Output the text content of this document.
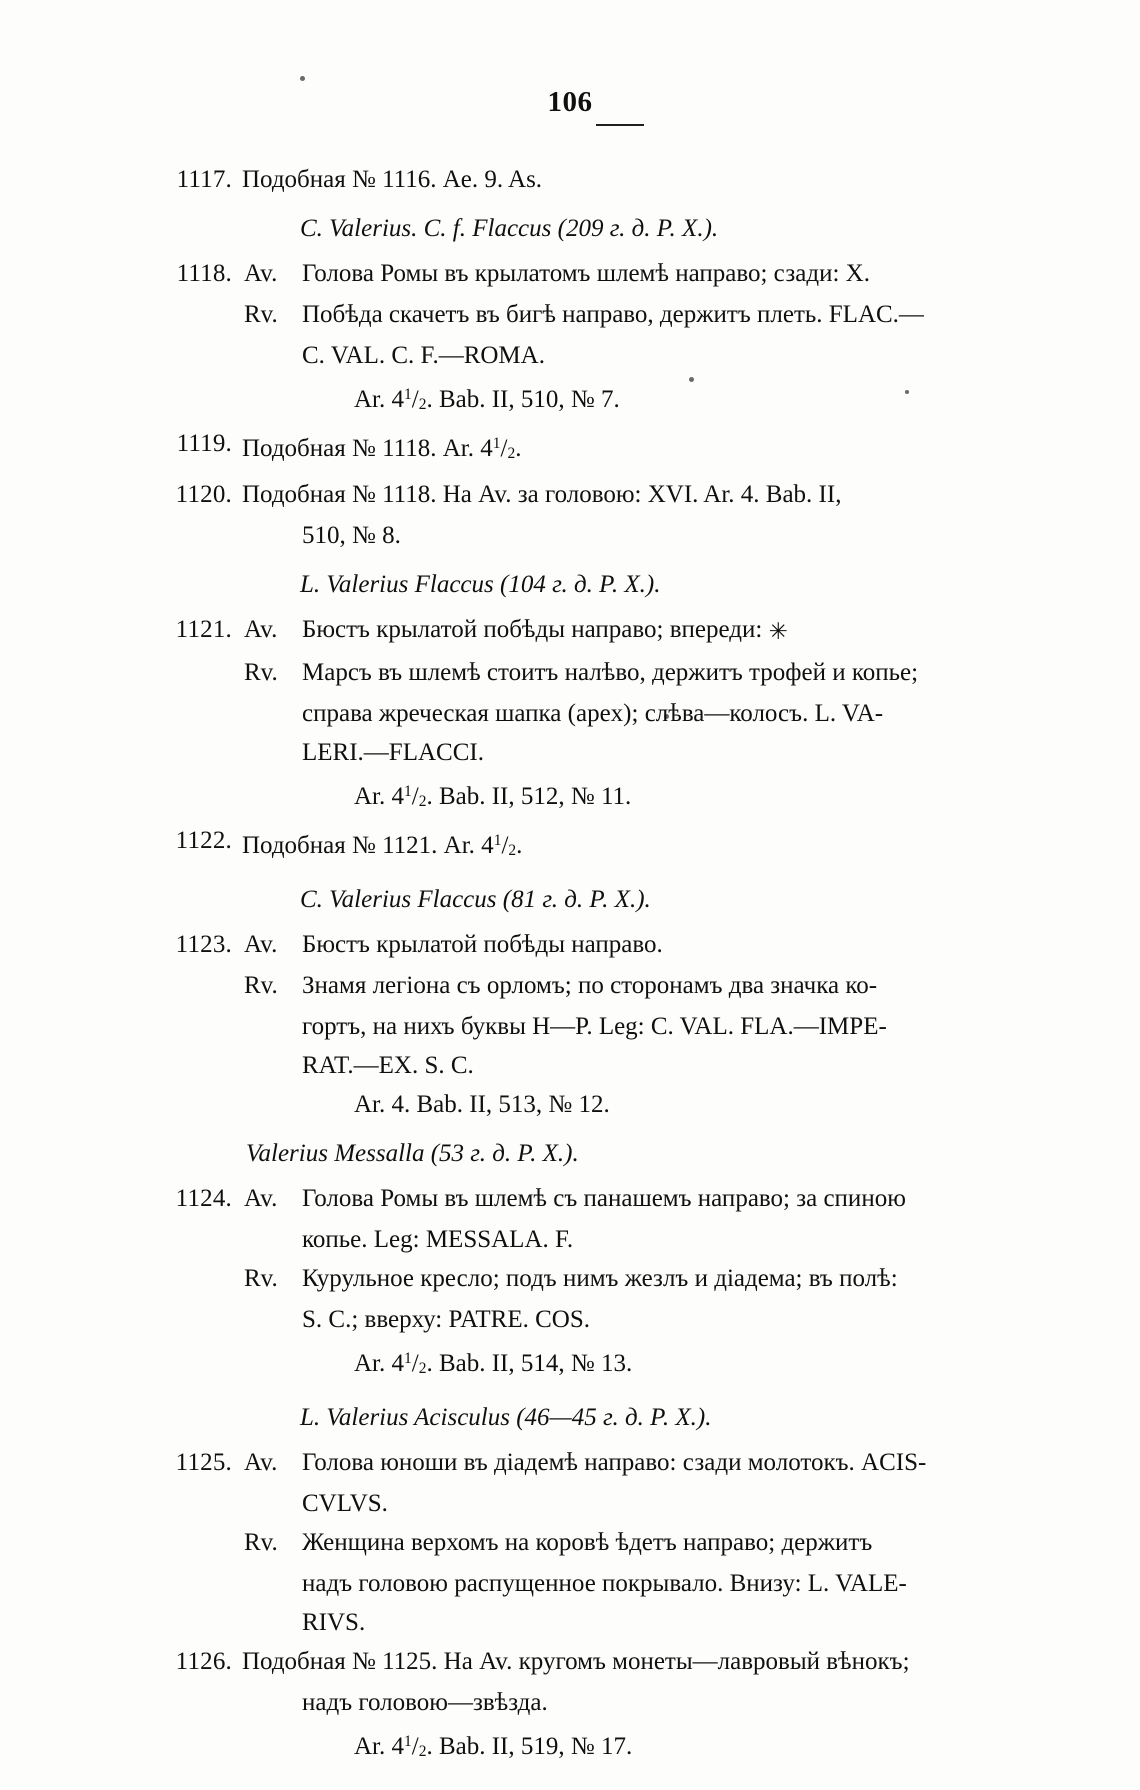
106
1117. Подобная № 1116. Ae. 9. As.
C. Valerius. C. f. Flaccus (209 г. д. Р. Х.).
1118. Av. Голова Ромы въ крылатомъ шлемѣ направо; сзади: X.
Rv. Побѣда скачетъ въ бигѣ направо, держитъ плеть. FLAC.—
C. VAL. C. F.—ROMA.
Ar. $4^1/_2$. Bab. II, 510, № 7.
1119. Подобная № 1118. Ar. $4^1/_2$.
1120. Подобная № 1118. На Av. за головою: XVI. Ar. 4. Bab. II,
510, № 8.
L. Valerius Flaccus (104 г. д. Р. Х.).
1121. Av. Бюстъ крылатой побѣды направо; впереди: ✳
Rv. Марсъ въ шлемѣ стоитъ налѣво, держитъ трофей и копье;
справа жреческая шапка (apex); слѣва—колосъ. L. VA-
LERI.—FLACCI.
Ar. $4^1/_2$. Bab. II, 512, № 11.
1122. Подобная № 1121. Ar. $4^1/_2$.
C. Valerius Flaccus (81 г. д. Р. Х.).
1123. Av. Бюстъ крылатой побѣды направо.
Rv. Знамя легіона съ орломъ; по сторонамъ два значка ко-
гортъ, на нихъ буквы H—P. Leg: C. VAL. FLA.—IMPE-
RAT.—EX. S. C.
Ar. 4. Bab. II, 513, № 12.
Valerius Messalla (53 г. д. Р. Х.).
1124. Av. Голова Ромы въ шлемѣ съ панашемъ направо; за спиною
копье. Leg: MESSALA. F.
Rv. Курульное кресло; подъ нимъ жезлъ и діадема; въ полѣ:
S. C.; вверху: PATRE. COS.
Ar. $4^1/_2$. Bab. II, 514, № 13.
L. Valerius Acisculus (46—45 г. д. Р. Х.).
1125. Av. Голова юноши въ діадемѣ направо: сзади молотокъ. ACIS-
CVLVS.
Rv. Женщина верхомъ на коровѣ ѣдетъ направо; держитъ
надъ головою распущенное покрывало. Внизу: L. VALE-
RIVS.
1126. Подобная № 1125. На Av. кругомъ монеты—лавровый вѣнокъ;
надъ головою—звѣзда.
Ar. $4^1/_2$. Bab. II, 519, № 17.
